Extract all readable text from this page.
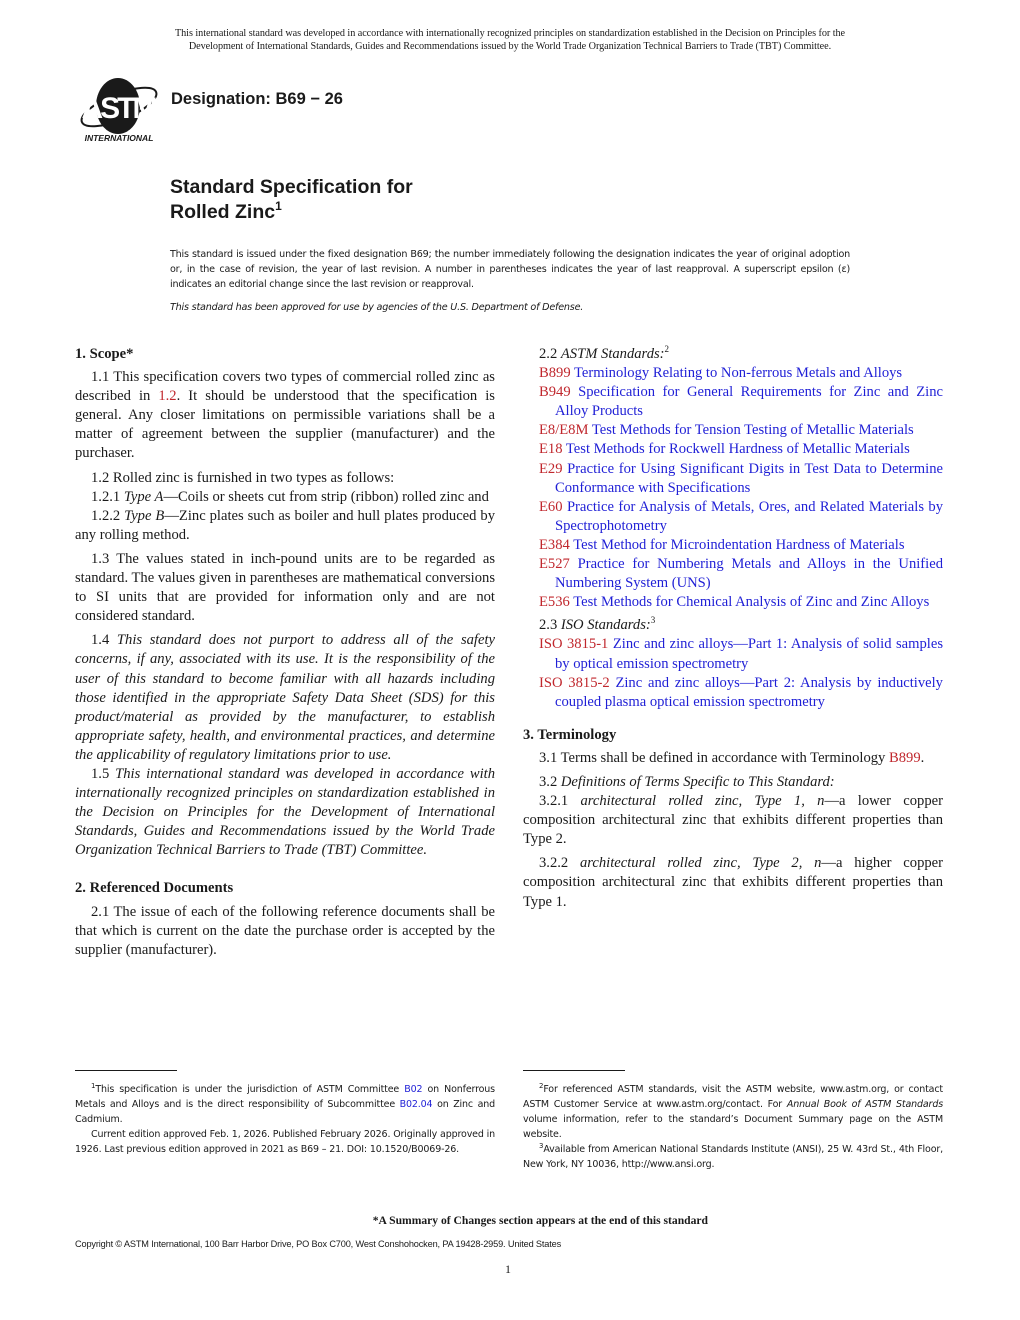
This international standard was developed in accordance with internationally recognized principles on standardization established in the Decision on Principles for the
Development of International Standards, Guides and Recommendations issued by the World Trade Organization Technical Barriers to Trade (TBT) Committee.
ASTM
INTERNATIONAL
Designation: B69 − 26
Standard Specification for
Rolled Zinc$^1$
This standard is issued under the fixed designation B69; the number immediately following the designation indicates the year of original adoption or, in the case of revision, the year of last revision. A number in parentheses indicates the year of last reapproval. A superscript epsilon (ε) indicates an editorial change since the last revision or reapproval.
This standard has been approved for use by agencies of the U.S. Department of Defense.
1. Scope*

1.1 This specification covers two types of commercial rolled zinc as described in 1.2. It should be understood that the specification is general. Any closer limitations on permissible variations shall be a matter of agreement between the supplier (manufacturer) and the purchaser.

1.2 Rolled zinc is furnished in two types as follows:

1.2.1 Type A—Coils or sheets cut from strip (ribbon) rolled zinc and

1.2.2 Type B—Zinc plates such as boiler and hull plates produced by any rolling method.

1.3 The values stated in inch-pound units are to be regarded as standard. The values given in parentheses are mathematical conversions to SI units that are provided for information only and are not considered standard.

1.4 This standard does not purport to address all of the safety concerns, if any, associated with its use. It is the responsibility of the user of this standard to become familiar with all hazards including those identified in the appropriate Safety Data Sheet (SDS) for this product/material as provided by the manufacturer, to establish appropriate safety, health, and environmental practices, and determine the applicability of regulatory limitations prior to use.

1.5 This international standard was developed in accordance with internationally recognized principles on standardization established in the Decision on Principles for the Development of International Standards, Guides and Recommendations issued by the World Trade Organization Technical Barriers to Trade (TBT) Committee.

2. Referenced Documents

2.1 The issue of each of the following reference documents shall be that which is current on the date the purchase order is accepted by the supplier (manufacturer).

2.2 ASTM Standards:$^2$

B899 Terminology Relating to Non-ferrous Metals and Alloys

B949 Specification for General Requirements for Zinc and Zinc Alloy Products

E8/E8M Test Methods for Tension Testing of Metallic Materials

E18 Test Methods for Rockwell Hardness of Metallic Materials

E29 Practice for Using Significant Digits in Test Data to Determine Conformance with Specifications

E60 Practice for Analysis of Metals, Ores, and Related Materials by Spectrophotometry

E384 Test Method for Microindentation Hardness of Materials

E527 Practice for Numbering Metals and Alloys in the Unified Numbering System (UNS)

E536 Test Methods for Chemical Analysis of Zinc and Zinc Alloys

2.3 ISO Standards:$^3$

ISO 3815-1 Zinc and zinc alloys—Part 1: Analysis of solid samples by optical emission spectrometry

ISO 3815-2 Zinc and zinc alloys—Part 2: Analysis by inductively coupled plasma optical emission spectrometry

3. Terminology

3.1 Terms shall be defined in accordance with Terminology B899.

3.2 Definitions of Terms Specific to This Standard:

3.2.1 architectural rolled zinc, Type 1, n—a lower copper composition architectural zinc that exhibits different properties than Type 2.

3.2.2 architectural rolled zinc, Type 2, n—a higher copper composition architectural zinc that exhibits different properties than Type 1.

$^1$This specification is under the jurisdiction of ASTM Committee B02 on Nonferrous Metals and Alloys and is the direct responsibility of Subcommittee B02.04 on Zinc and Cadmium.

Current edition approved Feb. 1, 2026. Published February 2026. Originally approved in 1926. Last previous edition approved in 2021 as B69 – 21. DOI: 10.1520/B0069-26.

$^2$For referenced ASTM standards, visit the ASTM website, www.astm.org, or contact ASTM Customer Service at www.astm.org/contact. For Annual Book of ASTM Standards volume information, refer to the standard’s Document Summary page on the ASTM website.

$^3$Available from American National Standards Institute (ANSI), 25 W. 43rd St., 4th Floor, New York, NY 10036, http://www.ansi.org.

*A Summary of Changes section appears at the end of this standard
Copyright © ASTM International, 100 Barr Harbor Drive, PO Box C700, West Conshohocken, PA 19428-2959. United States
1
